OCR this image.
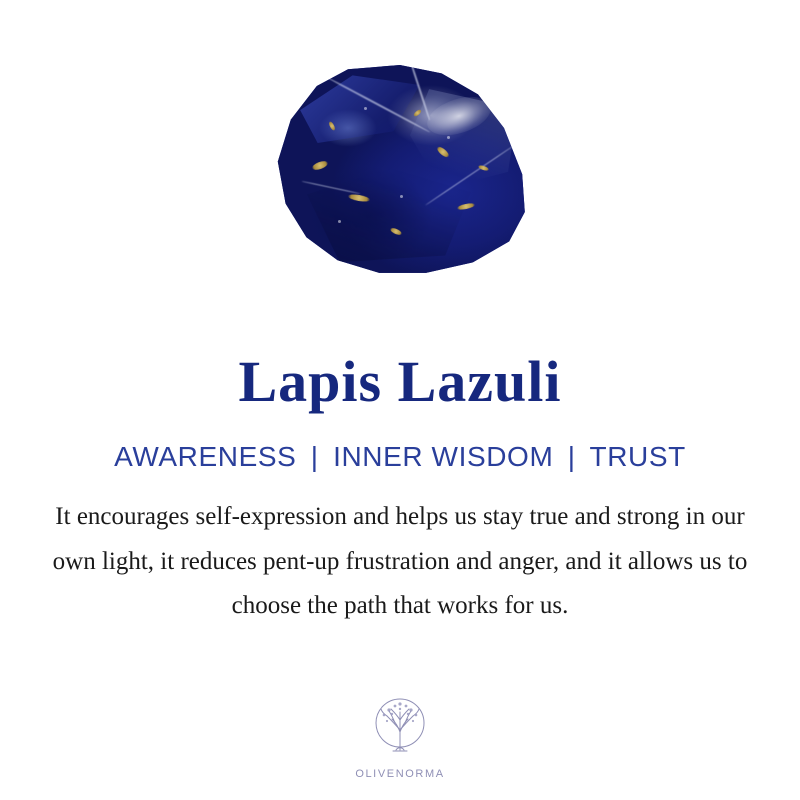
Lapis Lazuli
AWARENESS | INNER WISDOM | TRUST

It encourages self-expression and helps us stay true and strong in our own light, it reduces pent-up frustration and anger, and it allows us to choose the path that works for us.

OLIVENORMA
